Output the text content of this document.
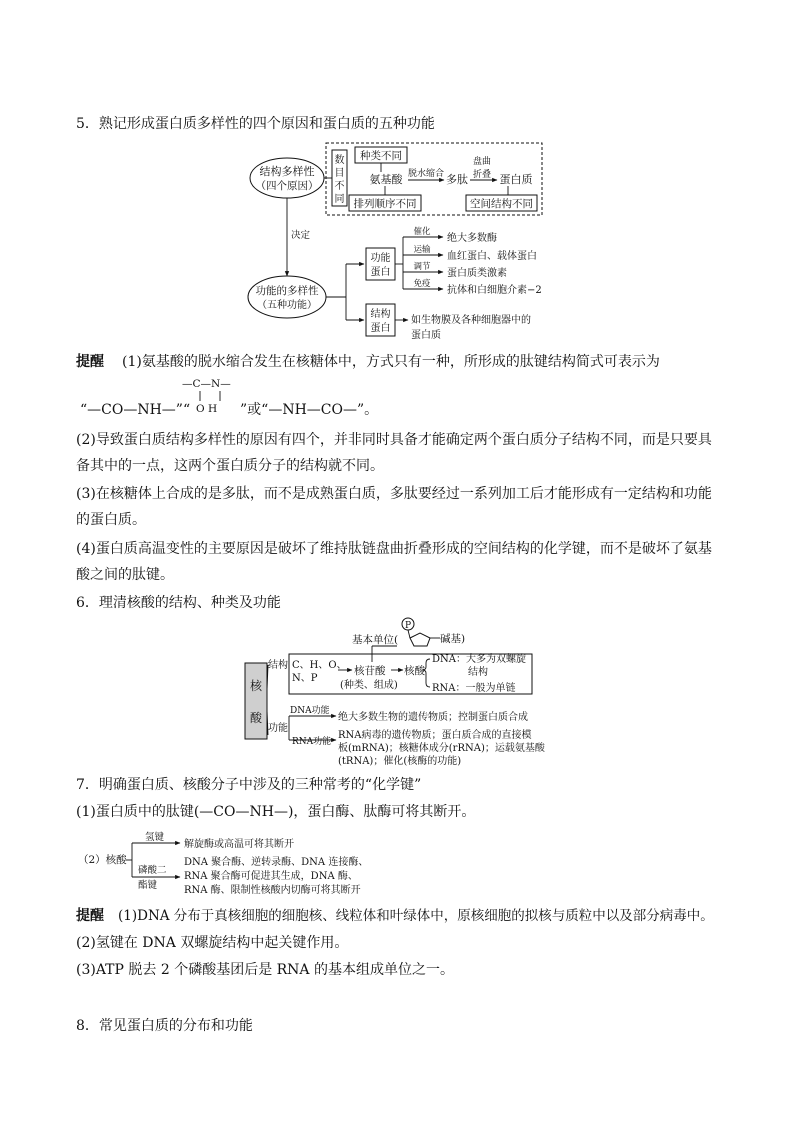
5．熟记形成蛋白质多样性的四个原因和蛋白质的五种功能
结构多样性
（四个原因）
数
目
不
同
种类不同
排列顺序不同
氨基酸 脱水缩合 多肽
盘曲
折叠 蛋白质
空间结构不同
决定
功能的多样性
（五种功能）
功能
蛋白
催化
运输
调节
免疫
绝大多数酶
血红蛋白、载体蛋白
蛋白质类激素
抗体和白细胞介素−2
结构
蛋白
如生物膜及各种细胞器中的
蛋白质
提醒 (1)氨基酸的脱水缩合发生在核糖体中，方式只有一种，所形成的肽键结构简式可表示为
—C—N—
“—CO—NH—”“ O H ”或“—NH—CO—”。
(2)导致蛋白质结构多样性的原因有四个，并非同时具备才能确定两个蛋白质分子结构不同，而是只要具
备其中的一点，这两个蛋白质分子的结构就不同。
(3)在核糖体上合成的是多肽，而不是成熟蛋白质，多肽要经过一系列加工后才能形成有一定结构和功能
的蛋白质。
(4)蛋白质高温变性的主要原因是破坏了维持肽链盘曲折叠形成的空间结构的化学键，而不是破坏了氨基
酸之间的肽键。
6．理清核酸的结构、种类及功能
核
酸
结构
功能
C、H、O、
N、P
核苷酸 核酸
(种类、组成)
基本单位(
P
碱基)
DNA：大多为双螺旋
结构
RNA：一般为单链
DNA功能
绝大多数生物的遗传物质；控制蛋白质合成
RNA功能
RNA病毒的遗传物质；蛋白质合成的直接模
板(mRNA)；核糖体成分(rRNA)；运载氨基酸
(tRNA)；催化(核酶的功能)
7．明确蛋白质、核酸分子中涉及的三种常考的“化学键”
(1)蛋白质中的肽键(—CO—NH—)，蛋白酶、肽酶可将其断开。
（2）核酸
氢键
解旋酶或高温可将其断开
磷酸二
酯键
DNA 聚合酶、逆转录酶、DNA 连接酶、
RNA 聚合酶可促进其生成，DNA 酶、
RNA 酶、限制性核酸内切酶可将其断开
提醒 (1)DNA 分布于真核细胞的细胞核、线粒体和叶绿体中，原核细胞的拟核与质粒中以及部分病毒中。
(2)氢键在 DNA 双螺旋结构中起关键作用。
(3)ATP 脱去 2 个磷酸基团后是 RNA 的基本组成单位之一。
8．常见蛋白质的分布和功能
